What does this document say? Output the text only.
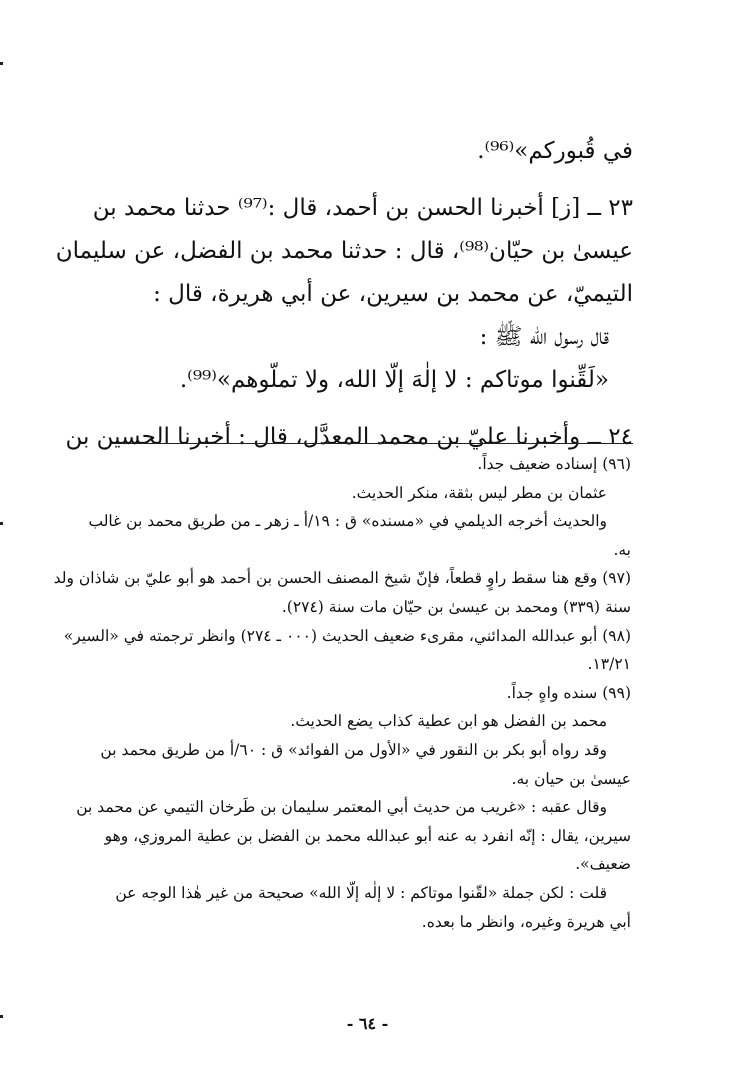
في قُبوركم»⁽⁹⁶⁾.
٢٣ ــ [ز] أخبرنا الحسن بن أحمد، قال :⁽⁹⁷⁾ حدثنا محمد بن
عيسىٰ بن حيّان⁽⁹⁸⁾، قال : حدثنا محمد بن الفضل، عن سليمان
التيميّ، عن محمد بن سيرين، عن أبي هريرة، قال :
قال رسول الله ﷺ :
«لَقِّنوا موتاكم : لا إلٰهَ إلّا الله، ولا تملّوهم»⁽⁹⁹⁾.
٢٤ ــ وأخبرنا عليّ بن محمد المعدَّل، قال : أخبرنا الحسين بن
(٩٦) إسناده ضعيف جداً.
عثمان بن مطر ليس بثقة، منكر الحديث.
والحديث أخرجه الديلمي في «مسنده» ق : ١٩/أ ـ زهر ـ من طريق محمد بن غالب
به.
(٩٧) وقع هنا سقط راوٍ قطعاً، فإنّ شيخ المصنف الحسن بن أحمد هو أبو عليّ بن شاذان ولد
سنة (٣٣٩) ومحمد بن عيسىٰ بن حيّان مات سنة (٢٧٤).
(٩٨) أبو عبدالله المدائني، مقرىء ضعيف الحديث (٠٠٠ ـ ٢٧٤) وانظر ترجمته في «السير»
١٣/٢١.
(٩٩) سنده واهٍ جداً.
محمد بن الفضل هو ابن عطية كذاب يضع الحديث.
وقد رواه أبو بكر بن النقور في «الأول من الفوائد» ق : ٦٠/أ من طريق محمد بن
عيسىٰ بن حيان به.
وقال عقبه : «غريب من حديث أبي المعتمر سليمان بن طَرخان التيمي عن محمد بن
سيرين، يقال : إنّه انفرد به عنه أبو عبدالله محمد بن الفضل بن عطية المروزي، وهو
ضعيف».
قلت : لكن جملة «لقّنوا موتاكم : لا إلٰه إلّا الله» صحيحة من غير هٰذا الوجه عن
أبي هريرة وغيره، وانظر ما بعده.
- ٦٤ -
